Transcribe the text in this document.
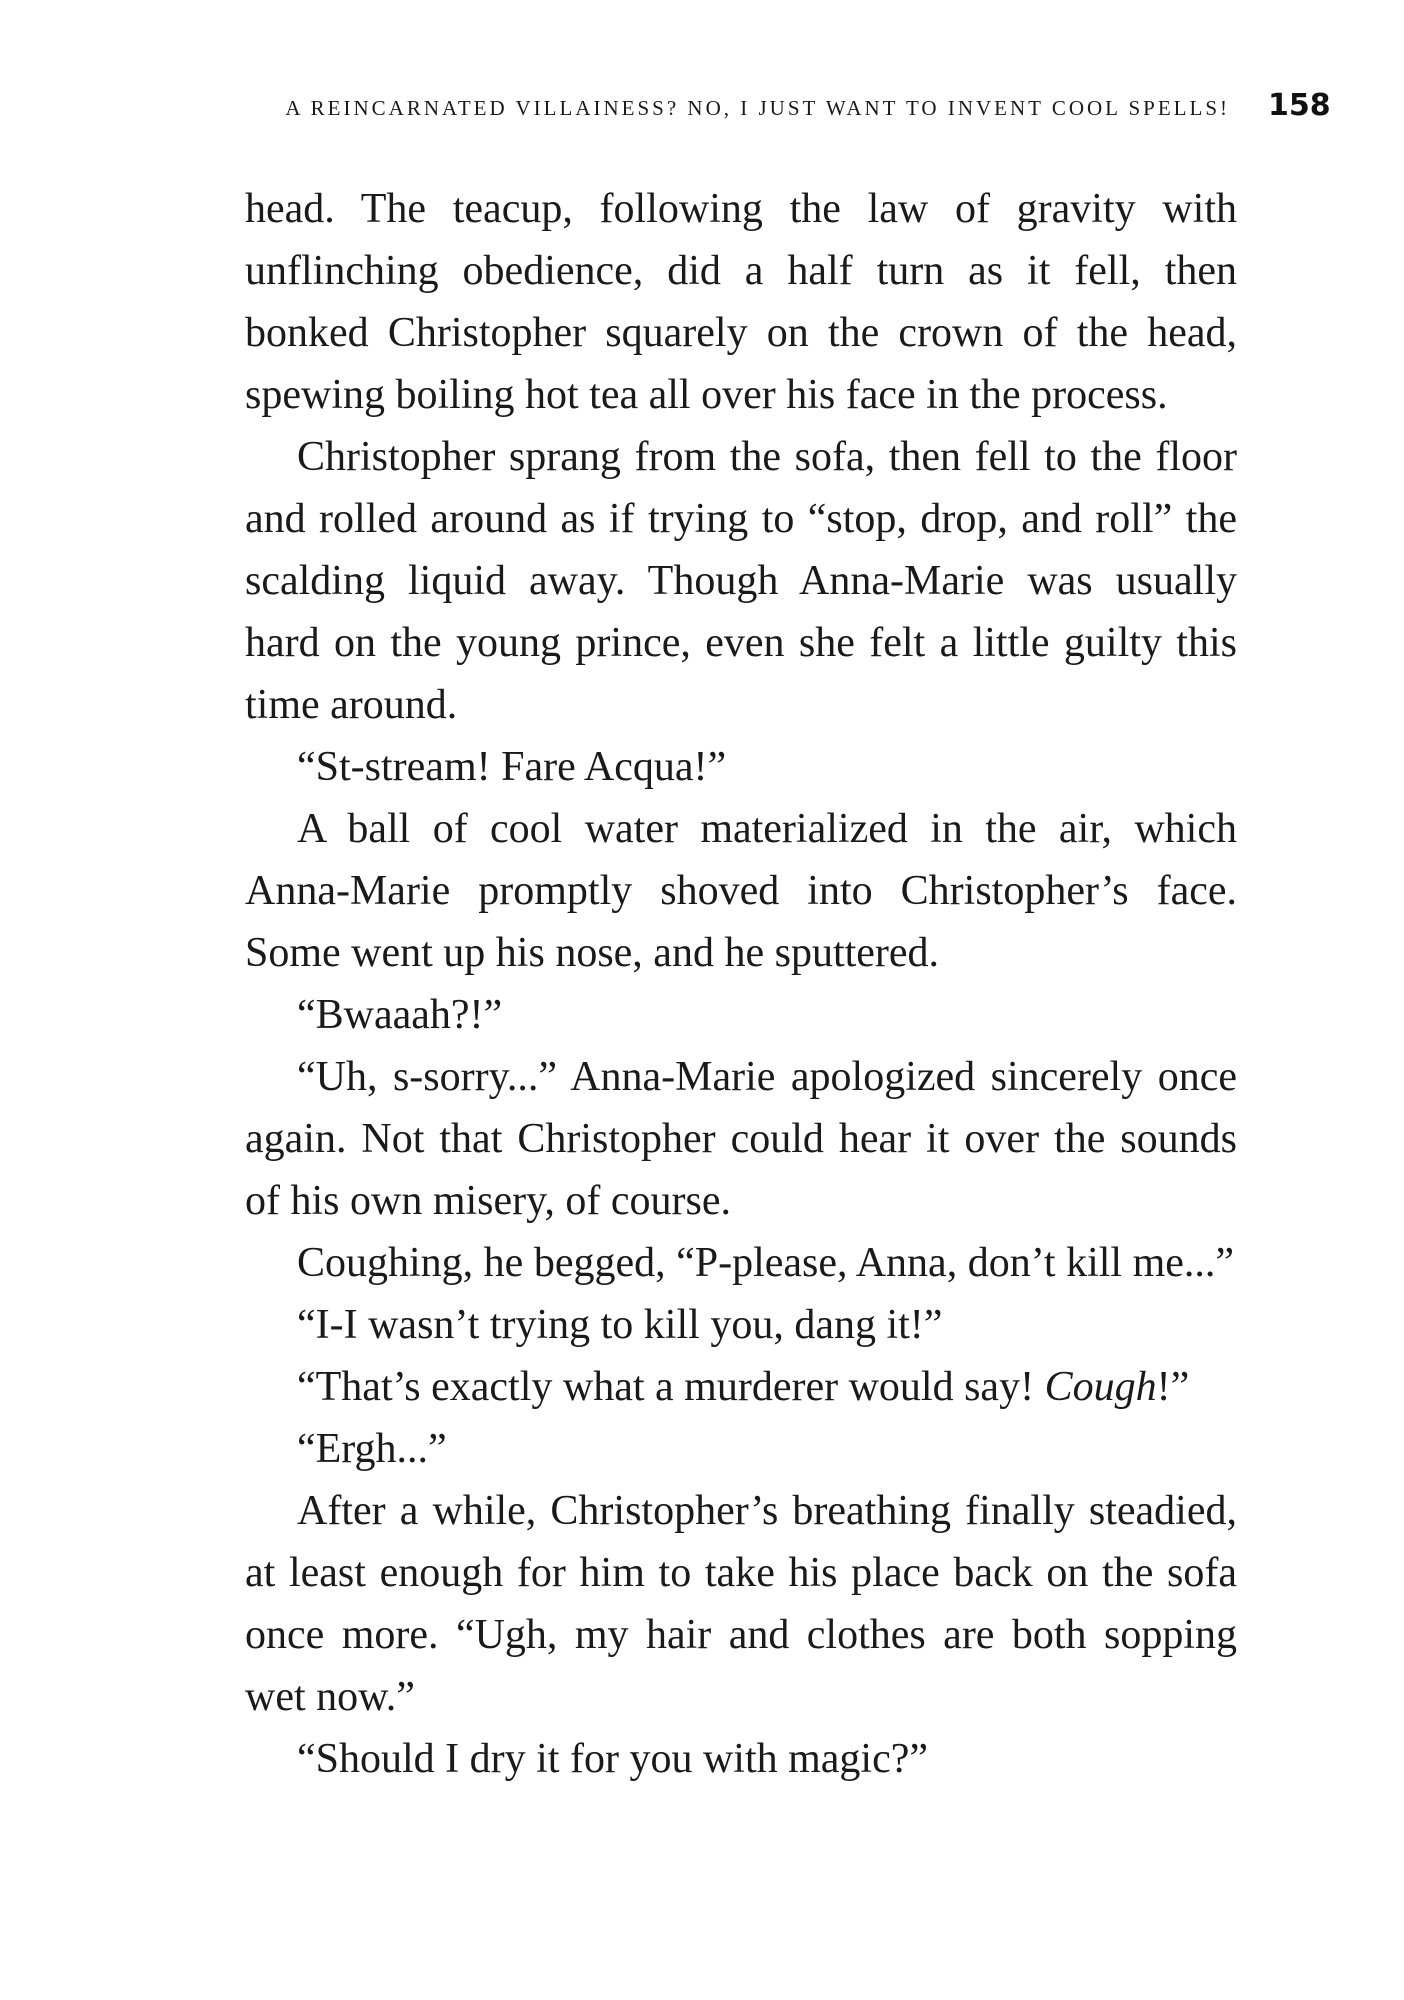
A REINCARNATED VILLAINESS? NO, I JUST WANT TO INVENT COOL SPELLS! 158

head. The teacup, following the law of gravity with unflinching obedience, did a half turn as it fell, then bonked Christopher squarely on the crown of the head, spewing boiling hot tea all over his face in the process.

Christopher sprang from the sofa, then fell to the floor and rolled around as if trying to “stop, drop, and roll” the scalding liquid away. Though Anna-Marie was usually hard on the young prince, even she felt a little guilty this time around.

“St-stream! Fare Acqua!”

A ball of cool water materialized in the air, which Anna-Marie promptly shoved into Christopher’s face. Some went up his nose, and he sputtered.

“Bwaaah?!”

“Uh, s-sorry...” Anna-Marie apologized sincerely once again. Not that Christopher could hear it over the sounds of his own misery, of course.

Coughing, he begged, “P-please, Anna, don’t kill me...”

“I-I wasn’t trying to kill you, dang it!”

“That’s exactly what a murderer would say! Cough!”

“Ergh...”

After a while, Christopher’s breathing finally steadied, at least enough for him to take his place back on the sofa once more. “Ugh, my hair and clothes are both sopping wet now.”

“Should I dry it for you with magic?”
